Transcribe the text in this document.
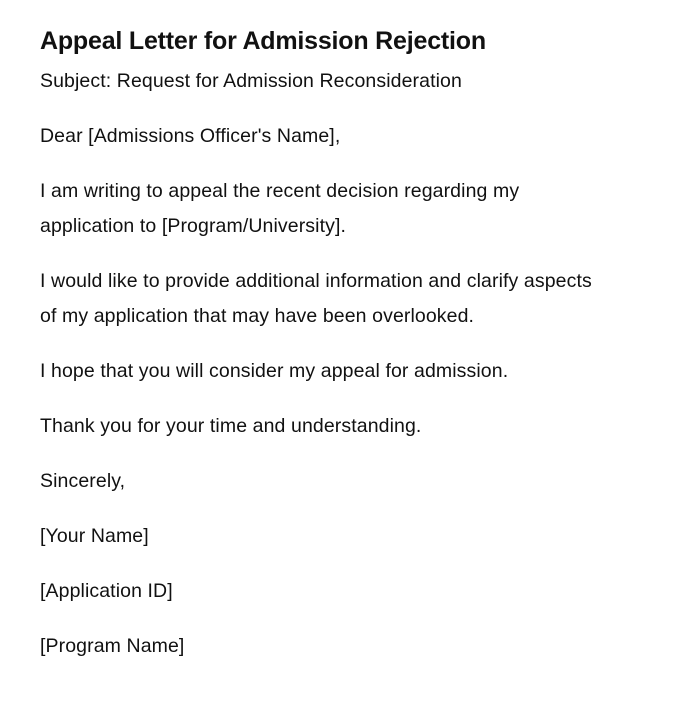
Appeal Letter for Admission Rejection

Subject: Request for Admission Reconsideration

Dear [Admissions Officer's Name],

I am writing to appeal the recent decision regarding my application to [Program/University].

I would like to provide additional information and clarify aspects of my application that may have been overlooked.

I hope that you will consider my appeal for admission.

Thank you for your time and understanding.

Sincerely,

[Your Name]

[Application ID]

[Program Name]
